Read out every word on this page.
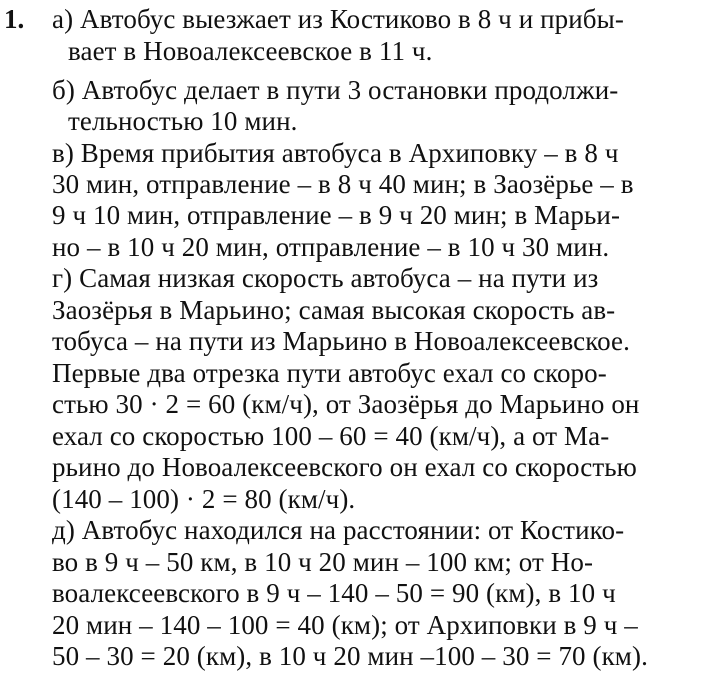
1. а) Автобус выезжает из Костиково в 8 ч и прибы-
вает в Новоалексеевское в 11 ч.
б) Автобус делает в пути 3 остановки продолжи-
тельностью 10 мин.
в) Время прибытия автобуса в Архиповку – в 8 ч
30 мин, отправление – в 8 ч 40 мин; в Заозёрье – в
9 ч 10 мин, отправление – в 9 ч 20 мин; в Марьи-
но – в 10 ч 20 мин, отправление – в 10 ч 30 мин.
г) Самая низкая скорость автобуса – на пути из
Заозёрья в Марьино; самая высокая скорость ав-
тобуса – на пути из Марьино в Новоалексеевское.
Первые два отрезка пути автобус ехал со скоро-
стью 30 · 2 = 60 (км/ч), от Заозёрья до Марьино он
ехал со скоростью 100 – 60 = 40 (км/ч), а от Ма-
рьино до Новоалексеевского он ехал со скоростью
(140 – 100) · 2 = 80 (км/ч).
д) Автобус находился на расстоянии: от Костико-
во в 9 ч – 50 км, в 10 ч 20 мин – 100 км; от Но-
воалексеевского в 9 ч – 140 – 50 = 90 (км), в 10 ч
20 мин – 140 – 100 = 40 (км); от Архиповки в 9 ч –
50 – 30 = 20 (км), в 10 ч 20 мин –100 – 30 = 70 (км).
